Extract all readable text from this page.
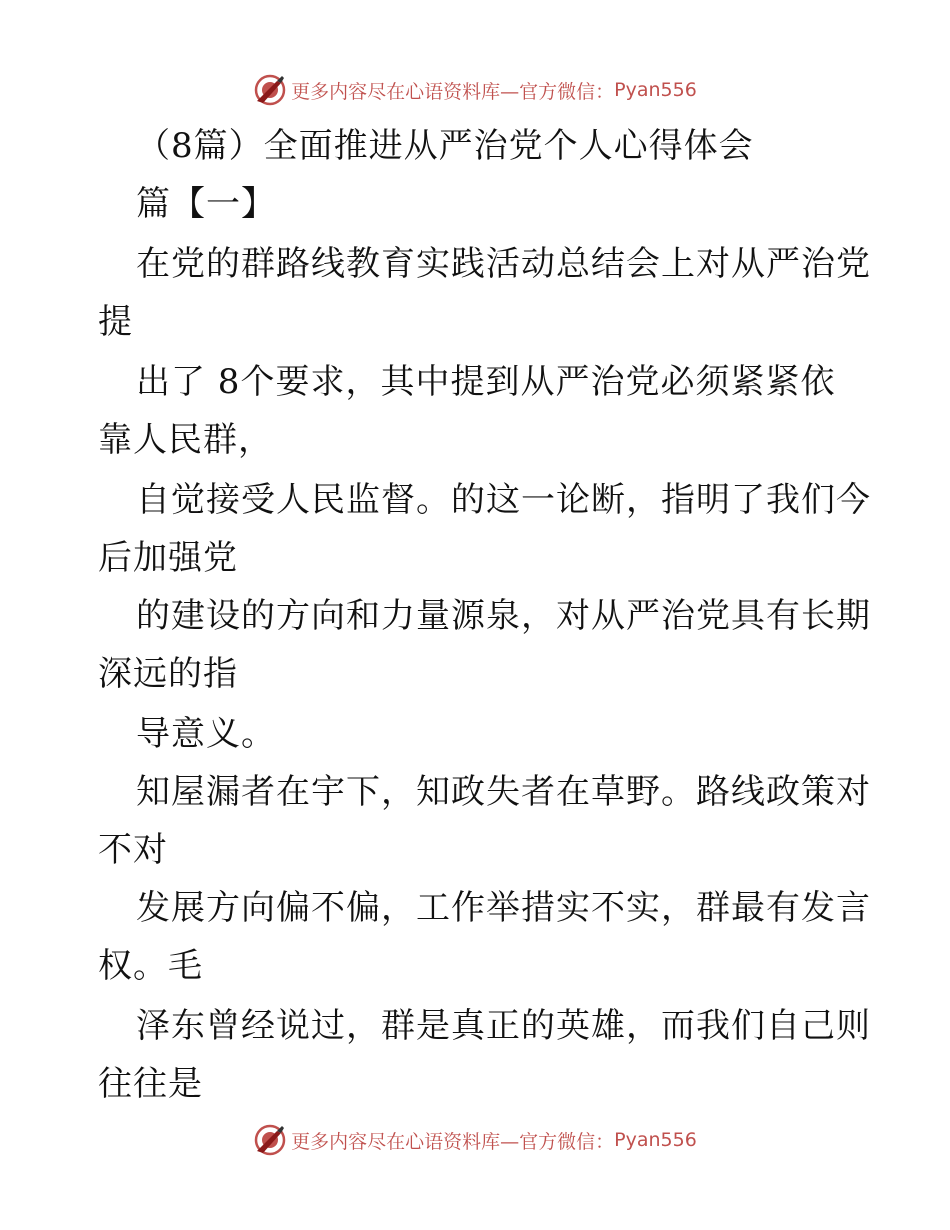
更多内容尽在心语资料库—官方微信： Pyan556
（8篇）全面推进从严治党个人心得体会
篇【一】
在党的群路线教育实践活动总结会上对从严治党
提
出了 8个要求，其中提到从严治党必须紧紧依
靠人民群，
自觉接受人民监督。的这一论断，指明了我们今
后加强党
的建设的方向和力量源泉，对从严治党具有长期
深远的指
导意义。
知屋漏者在宇下，知政失者在草野。路线政策对
不对
发展方向偏不偏，工作举措实不实，群最有发言
权。毛
泽东曾经说过，群是真正的英雄，而我们自己则
往往是
更多内容尽在心语资料库—官方微信： Pyan556
